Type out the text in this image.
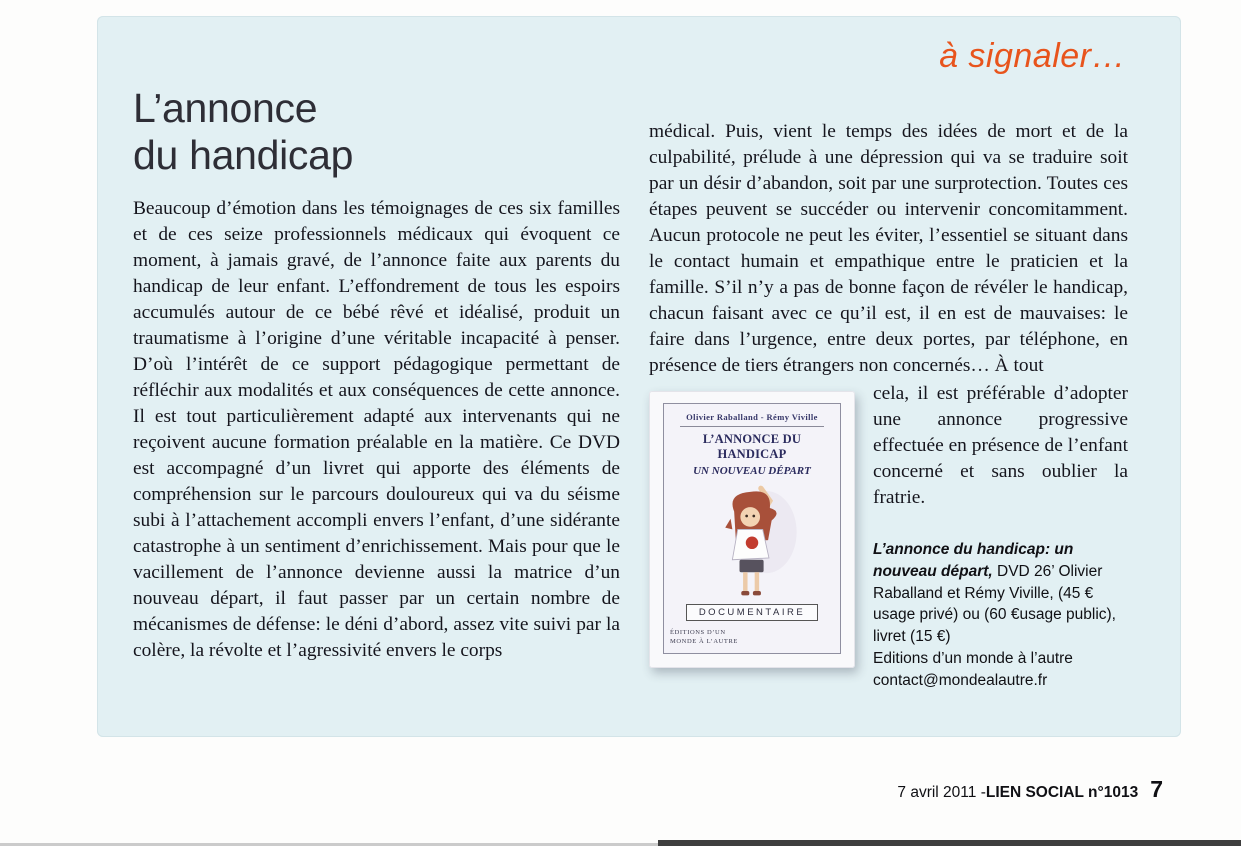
à signaler…
L’annonce
du handicap

Beaucoup d’émotion dans les témoignages de ces six familles et de ces seize professionnels médicaux qui évoquent ce moment, à jamais gravé, de l’annonce faite aux parents du handicap de leur enfant. L’effondrement de tous les espoirs accumulés autour de ce bébé rêvé et idéalisé, produit un traumatisme à l’origine d’une véritable incapacité à penser. D’où l’intérêt de ce support pédagogique permettant de réfléchir aux modalités et aux conséquences de cette annonce. Il est tout particulièrement adapté aux intervenants qui ne reçoivent aucune formation préalable en la matière. Ce DVD est accompagné d’un livret qui apporte des éléments de compréhension sur le parcours douloureux qui va du séisme subi à l’attachement accompli envers l’enfant, d’une sidérante catastrophe à un sentiment d’enrichissement. Mais pour que le vacillement de l’annonce devienne aussi la matrice d’un nouveau départ, il faut passer par un certain nombre de mécanismes de défense: le déni d’abord, assez vite suivi par la colère, la révolte et l’agressivité envers le corps

médical. Puis, vient le temps des idées de mort et de la culpabilité, prélude à une dépression qui va se traduire soit par un désir d’abandon, soit par une surprotection. Toutes ces étapes peuvent se succéder ou intervenir concomitamment. Aucun protocole ne peut les éviter, l’essentiel se situant dans le contact humain et empathique entre le praticien et la famille. S’il n’y a pas de bonne façon de révéler le handicap, chacun faisant avec ce qu’il est, il en est de mauvaises: le faire dans l’urgence, entre deux portes, par téléphone, en présence de tiers étrangers non concernés… À tout

Olivier Raballand - Rémy Viville
L’ANNONCE DU HANDICAP
UN NOUVEAU DÉPART
DOCUMENTAIRE
ÉDITIONS D’UN MONDE À L’AUTRE

cela, il est préférable d’adopter une annonce progressive effectuée en présence de l’enfant concerné et sans oublier la fratrie.

L’annonce du handicap: un nouveau départ, DVD 26’ Olivier Raballand et Rémy Viville, (45 € usage privé) ou (60 €usage public), livret (15 €)

Editions d’un monde à l’autre

contact@mondealautre.fr

7 avril 2011 - LIEN SOCIAL n°1013 7
